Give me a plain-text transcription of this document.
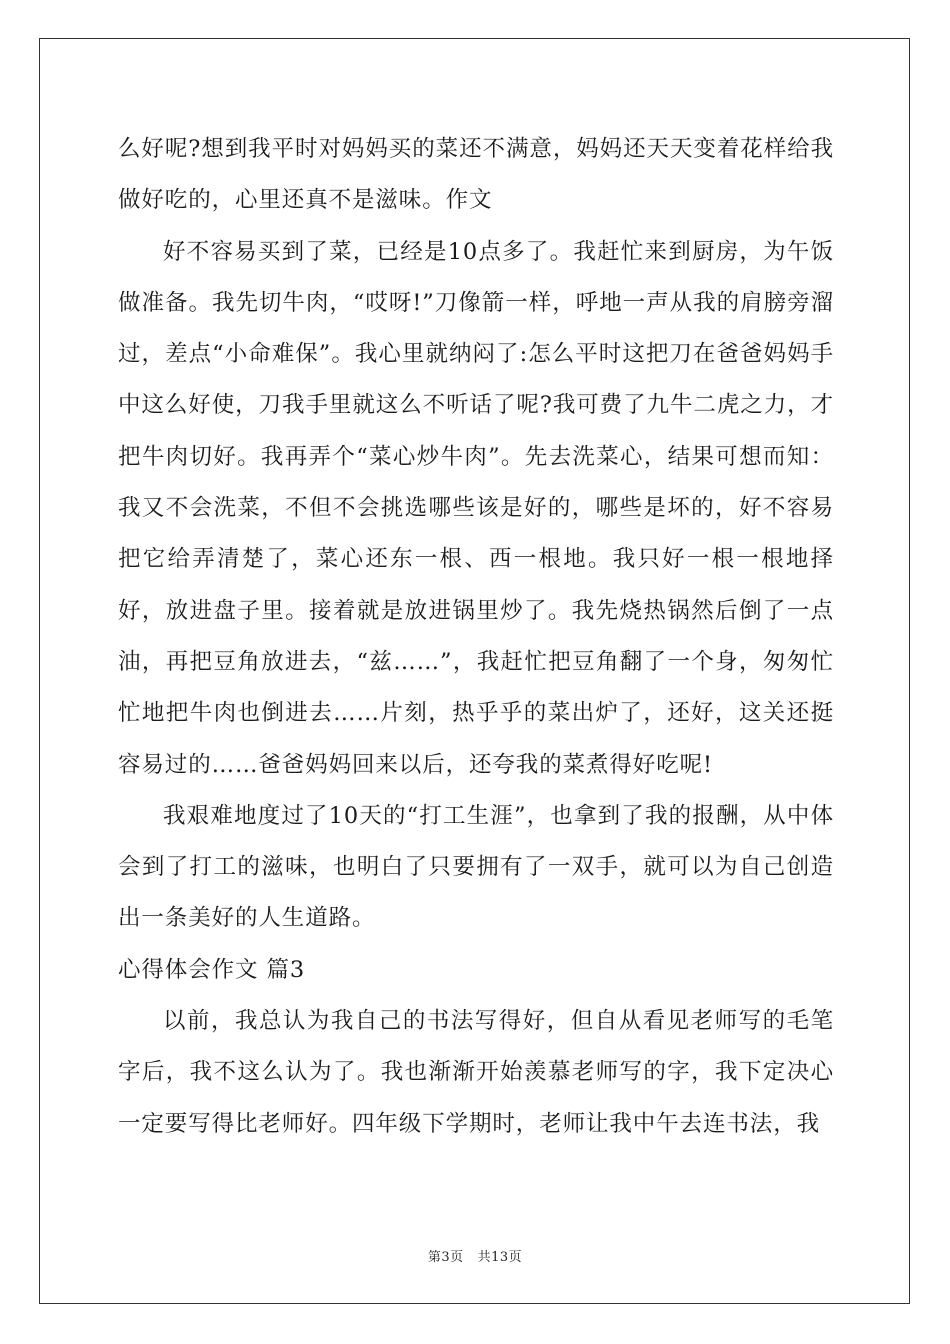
么好呢?想到我平时对妈妈买的菜还不满意，妈妈还天天变着花样给我做好吃的，心里还真不是滋味。作文

好不容易买到了菜，已经是10点多了。我赶忙来到厨房，为午饭做准备。我先切牛肉，“哎呀!”刀像箭一样，呼地一声从我的肩膀旁溜过，差点“小命难保”。我心里就纳闷了:怎么平时这把刀在爸爸妈妈手中这么好使，刀我手里就这么不听话了呢?我可费了九牛二虎之力，才把牛肉切好。我再弄个“菜心炒牛肉”。先去洗菜心，结果可想而知：我又不会洗菜，不但不会挑选哪些该是好的，哪些是坏的，好不容易把它给弄清楚了，菜心还东一根、西一根地。我只好一根一根地择好，放进盘子里。接着就是放进锅里炒了。我先烧热锅然后倒了一点油，再把豆角放进去，“兹……”，我赶忙把豆角翻了一个身，匆匆忙忙地把牛肉也倒进去……片刻，热乎乎的菜出炉了，还好，这关还挺容易过的……爸爸妈妈回来以后，还夸我的菜煮得好吃呢!

我艰难地度过了10天的“打工生涯”，也拿到了我的报酬，从中体会到了打工的滋味，也明白了只要拥有了一双手，就可以为自己创造出一条美好的人生道路。

心得体会作文 篇3

以前，我总认为我自己的书法写得好，但自从看见老师写的毛笔字后，我不这么认为了。我也渐渐开始羡慕老师写的字，我下定决心一定要写得比老师好。四年级下学期时，老师让我中午去连书法，我

第3页 共13页
